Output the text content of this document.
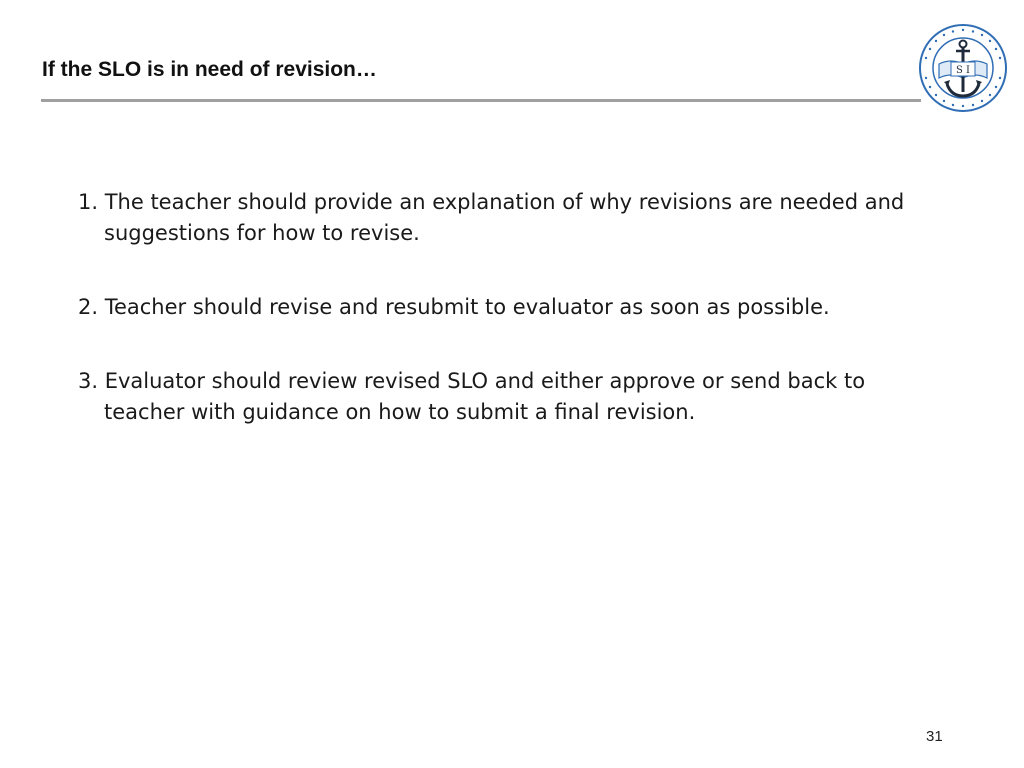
If the SLO is in need of revision…	S I
1. The teacher should provide an explanation of why revisions are needed and suggestions for how to revise.
2. Teacher should revise and resubmit to evaluator as soon as possible.
3. Evaluator should review revised SLO and either approve or send back to teacher with guidance on how to submit a final revision.
31
